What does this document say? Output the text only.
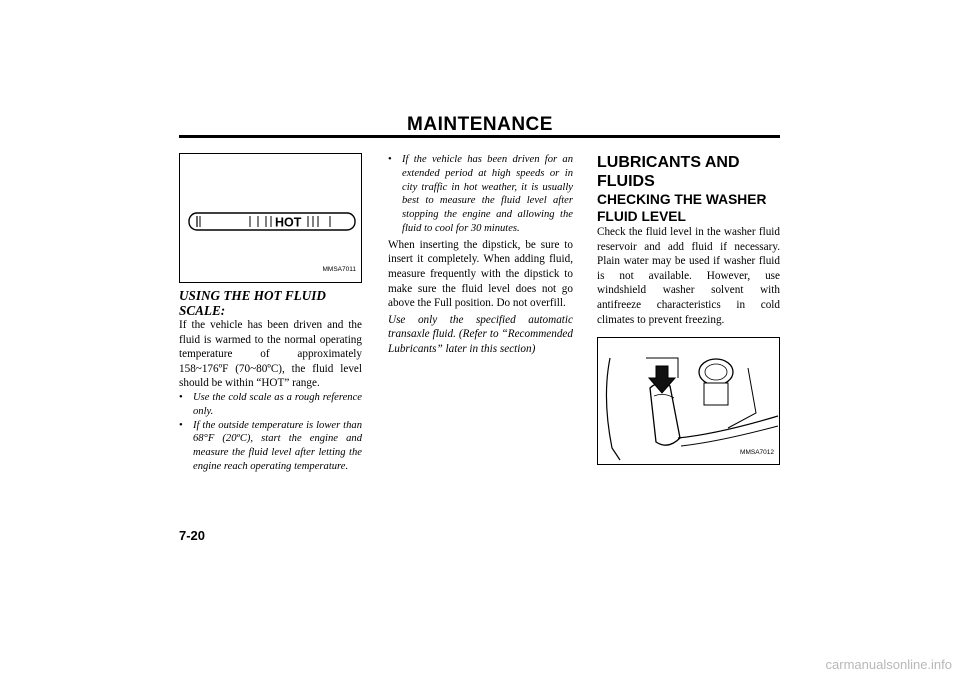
MAINTENANCE
HOT
MMSA7011
USING THE HOT FLUID SCALE:

If the vehicle has been driven and the fluid is warmed to the normal operating temperature of approximately 158~176ºF (70~80ºC), the fluid level should be within “HOT” range.

• Use the cold scale as a rough reference only.
• If the outside temperature is lower than 68°F (20ºC), start the engine and measure the fluid level after letting the engine reach operating temperature.
• If the vehicle has been driven for an extended period at high speeds or in city traffic in hot weather, it is usually best to measure the fluid level after stopping the engine and allowing the fluid to cool for 30 minutes.

When inserting the dipstick, be sure to insert it completely. When adding fluid, measure frequently with the dipstick to make sure the fluid level does not go above the Full position. Do not overfill.

Use only the specified automatic transaxle fluid. (Refer to “Recommended Lubricants” later in this section)

LUBRICANTS AND FLUIDS
CHECKING THE WASHER FLUID LEVEL

Check the fluid level in the washer fluid reservoir and add fluid if necessary. Plain water may be used if washer fluid is not available. However, use windshield washer solvent with antifreeze characteristics in cold climates to prevent freezing.

MMSA7012
7-20
carmanualsonline.info
